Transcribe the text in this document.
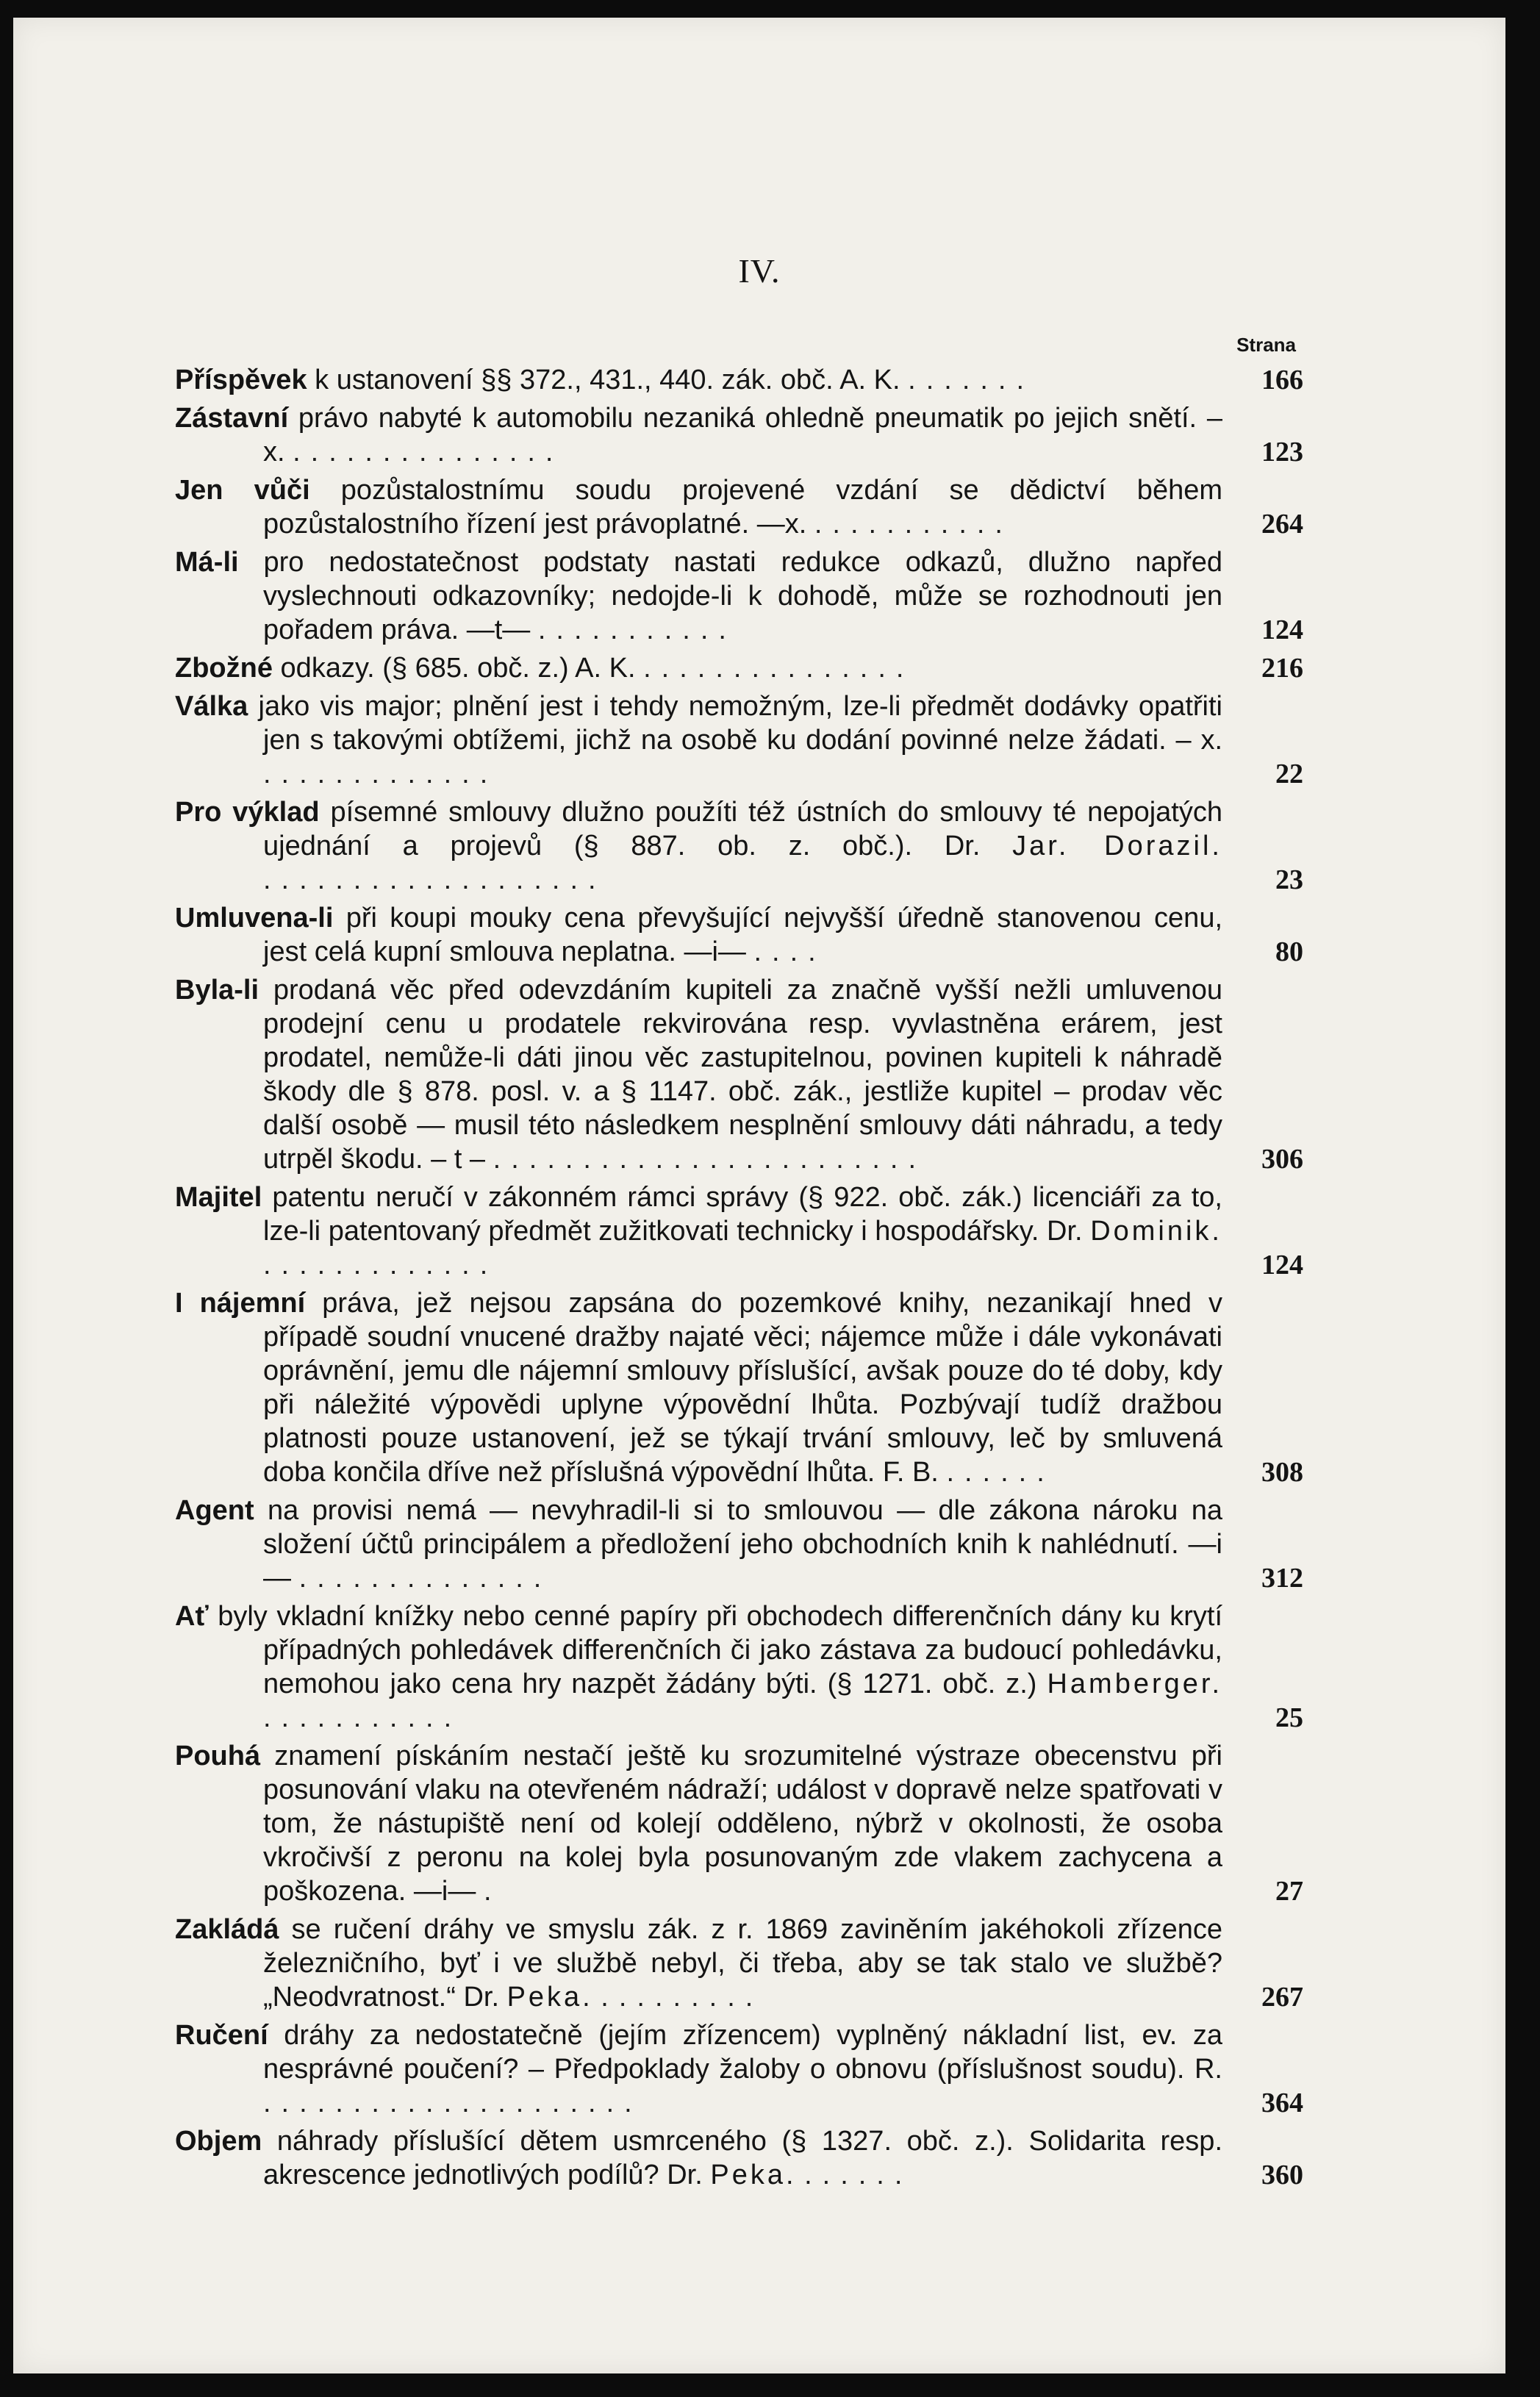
IV.
Strana
Příspěvek k ustanovení §§ 372., 431., 440. zák. obč. A. K. .......	166
Zástavní právo nabyté k automobilu nezaniká ohledně pneumatik po jejich snětí. – x. ...............	123
Jen vůči pozůstalostnímu soudu projevené vzdání se dědictví během pozůstalostního řízení jest právoplatné. —x. ...........	264
Má-li pro nedostatečnost podstaty nastati redukce odkazů, dlužno napřed vyslechnouti odkazovníky; nedojde-li k dohodě, může se rozhodnouti jen pořadem práva. —t— ...........	124
Zbožné odkazy. (§ 685. obč. z.) A. K. ...............	216
Válka jako vis major; plnění jest i tehdy nemožným, lze-li předmět dodávky opatřiti jen s takovými obtížemi, jichž na osobě ku dodání povinné nelze žádati. – x. .............	22
Pro výklad písemné smlouvy dlužno použíti též ústních do smlouvy té nepojatých ujednání a projevů (§ 887. ob. z. obč.). Dr. Jar. Dorazil. ...................	23
Umluvena-li při koupi mouky cena převyšující nejvyšší úředně stanovenou cenu, jest celá kupní smlouva neplatna. —i— ....	80
Byla-li prodaná věc před odevzdáním kupiteli za značně vyšší nežli umluvenou prodejní cenu u prodatele rekvirována resp. vyvlastněna erárem, jest prodatel, nemůže-li dáti jinou věc zastupitelnou, povinen kupiteli k náhradě škody dle § 878. posl. v. a § 1147. obč. zák., jestliže kupitel – prodav věc další osobě — musil této následkem nesplnění smlouvy dáti náhradu, a tedy utrpěl škodu. – t – ........................	306
Majitel patentu neručí v zákonném rámci správy (§ 922. obč. zák.) licenciáři za to, lze-li patentovaný předmět zužitkovati technicky i hospodářsky. Dr. Dominik. .............	124
I nájemní práva, jež nejsou zapsána do pozemkové knihy, nezanikají hned v případě soudní vnucené dražby najaté věci; nájemce může i dále vykonávati oprávnění, jemu dle nájemní smlouvy příslušící, avšak pouze do té doby, kdy při náležité výpovědi uplyne výpovědní lhůta. Pozbývají tudíž dražbou platnosti pouze ustanovení, jež se týkají trvání smlouvy, leč by smluvená doba končila dříve než příslušná výpovědní lhůta. F. B. ......	308
Agent na provisi nemá — nevyhradil-li si to smlouvou — dle zákona nároku na složení účtů principálem a předložení jeho obchodních knih k nahlédnutí. —i— ..............	312
Ať byly vkladní knížky nebo cenné papíry při obchodech differenčních dány ku krytí případných pohledávek differenčních či jako zástava za budoucí pohledávku, nemohou jako cena hry nazpět žádány býti. (§ 1271. obč. z.) Hamberger. ...........	25
Pouhá znamení pískáním nestačí ještě ku srozumitelné výstraze obecenstvu při posunování vlaku na otevřeném nádraží; událost v dopravě nelze spatřovati v tom, že nástupiště není od kolejí odděleno, nýbrž v okolnosti, že osoba vkročivší z peronu na kolej byla posunovaným zde vlakem zachycena a poškozena. —i— .	27
Zakládá se ručení dráhy ve smyslu zák. z r. 1869 zaviněním jakéhokoli zřízence železničního, byť i ve službě nebyl, či třeba, aby se tak stalo ve službě? „Neodvratnost.“ Dr. Peka. .........	267
Ručení dráhy za nedostatečně (jejím zřízencem) vyplněný nákladní list, ev. za nesprávné poučení? – Předpoklady žaloby o obnovu (příslušnost soudu). R. .....................	364
Objem náhrady příslušící dětem usmrceného (§ 1327. obč. z.). Solidarita resp. akrescence jednotlivých podílů? Dr. Peka. ......	360
